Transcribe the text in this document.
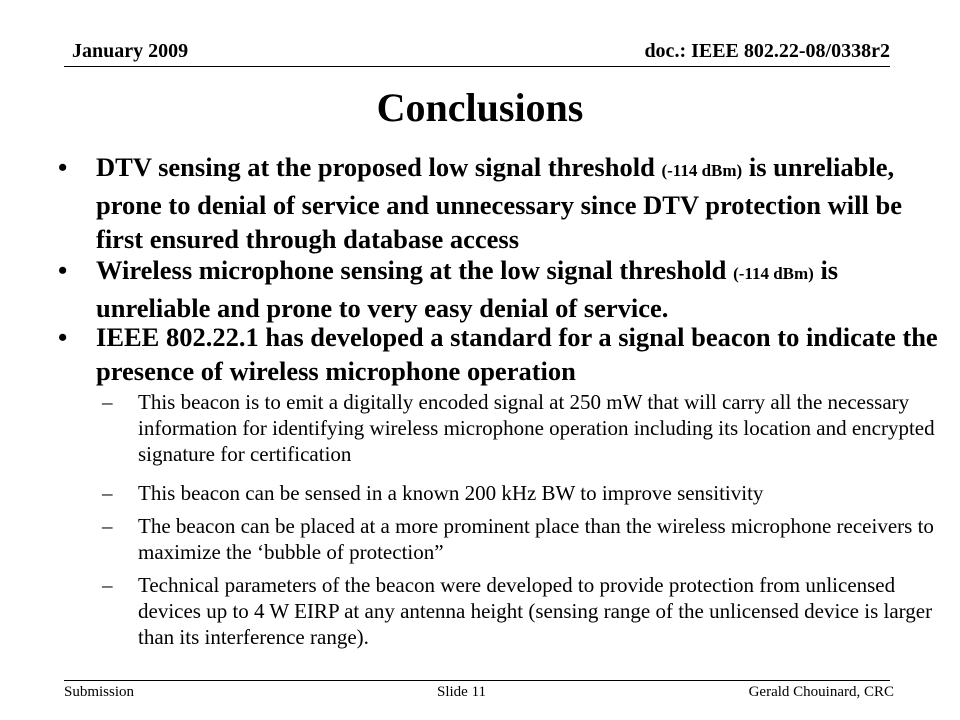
January 2009	doc.: IEEE 802.22-08/0338r2
Conclusions
•	DTV sensing at the proposed low signal threshold (-114 dBm) is unreliable, prone to denial of service and unnecessary since DTV protection will be first ensured through database access
•	Wireless microphone sensing at the low signal threshold (-114 dBm) is unreliable and prone to very easy denial of service.
•	IEEE 802.22.1 has developed a standard for a signal beacon to indicate the presence of wireless microphone operation
–	This beacon is to emit a digitally encoded signal at 250 mW that will carry all the necessary information for identifying wireless microphone operation including its location and encrypted signature for certification
–	This beacon can be sensed in a known 200 kHz BW to improve sensitivity
–	The beacon can be placed at a more prominent place than the wireless microphone receivers to maximize the ‘bubble of protection”
–	Technical parameters of the beacon were developed to provide protection from unlicensed devices up to 4 W EIRP at any antenna height (sensing range of the unlicensed device is larger than its interference range).
Submission	Slide 11	Gerald Chouinard, CRC
